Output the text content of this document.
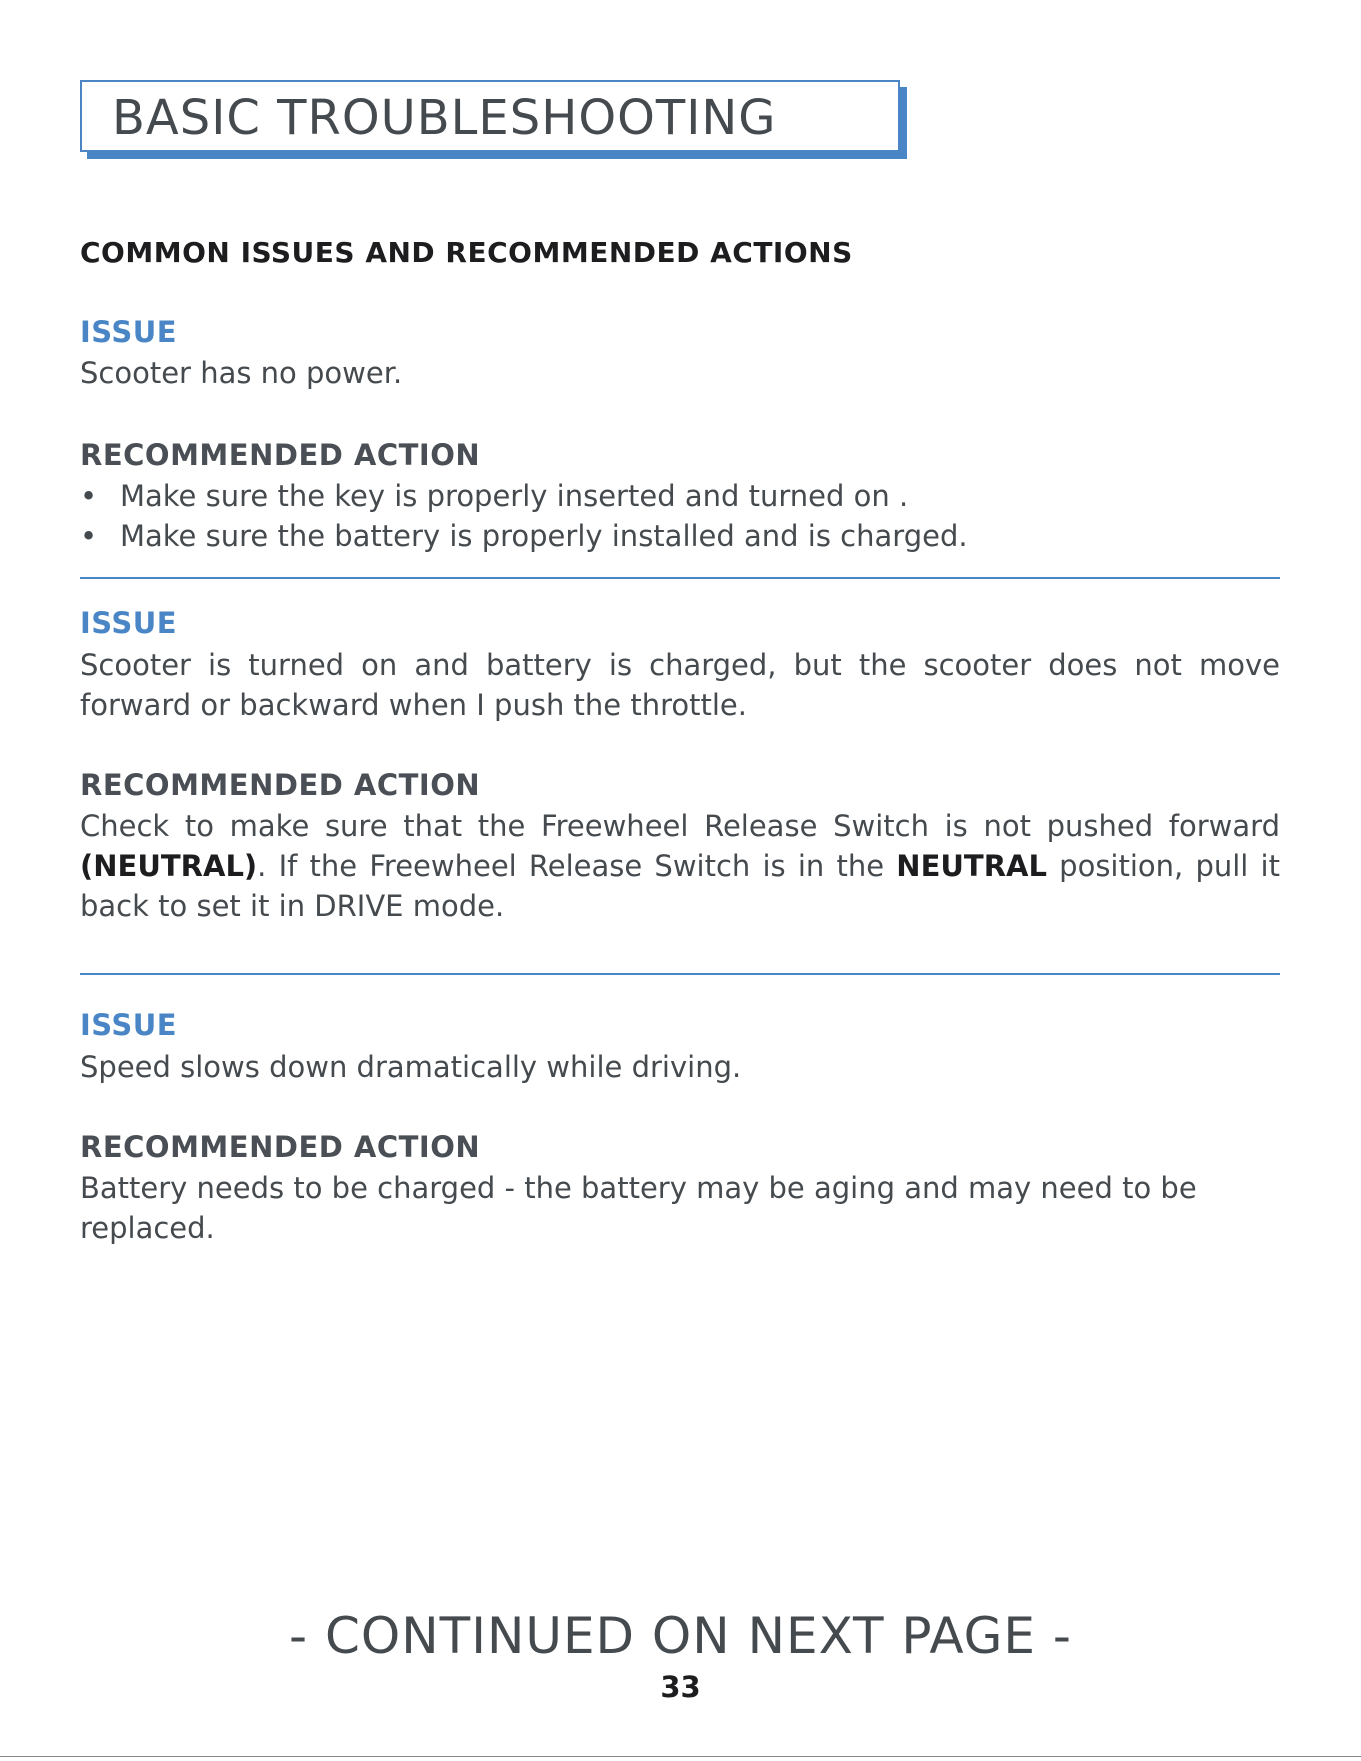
BASIC TROUBLESHOOTING
COMMON ISSUES AND RECOMMENDED ACTIONS
ISSUE
Scooter has no power.
RECOMMENDED ACTION
• Make sure the key is properly inserted and turned on .
• Make sure the battery is properly installed and is charged.
ISSUE
Scooter is turned on and battery is charged, but the scooter does not move forward or backward when I push the throttle.
RECOMMENDED ACTION
Check to make sure that the Freewheel Release Switch is not pushed forward (NEUTRAL). If the Freewheel Release Switch is in the NEUTRAL position, pull it back to set it in DRIVE mode.
ISSUE
Speed slows down dramatically while driving.
RECOMMENDED ACTION
Battery needs to be charged - the battery may be aging and may need to be replaced.
- CONTINUED ON NEXT PAGE -
33
